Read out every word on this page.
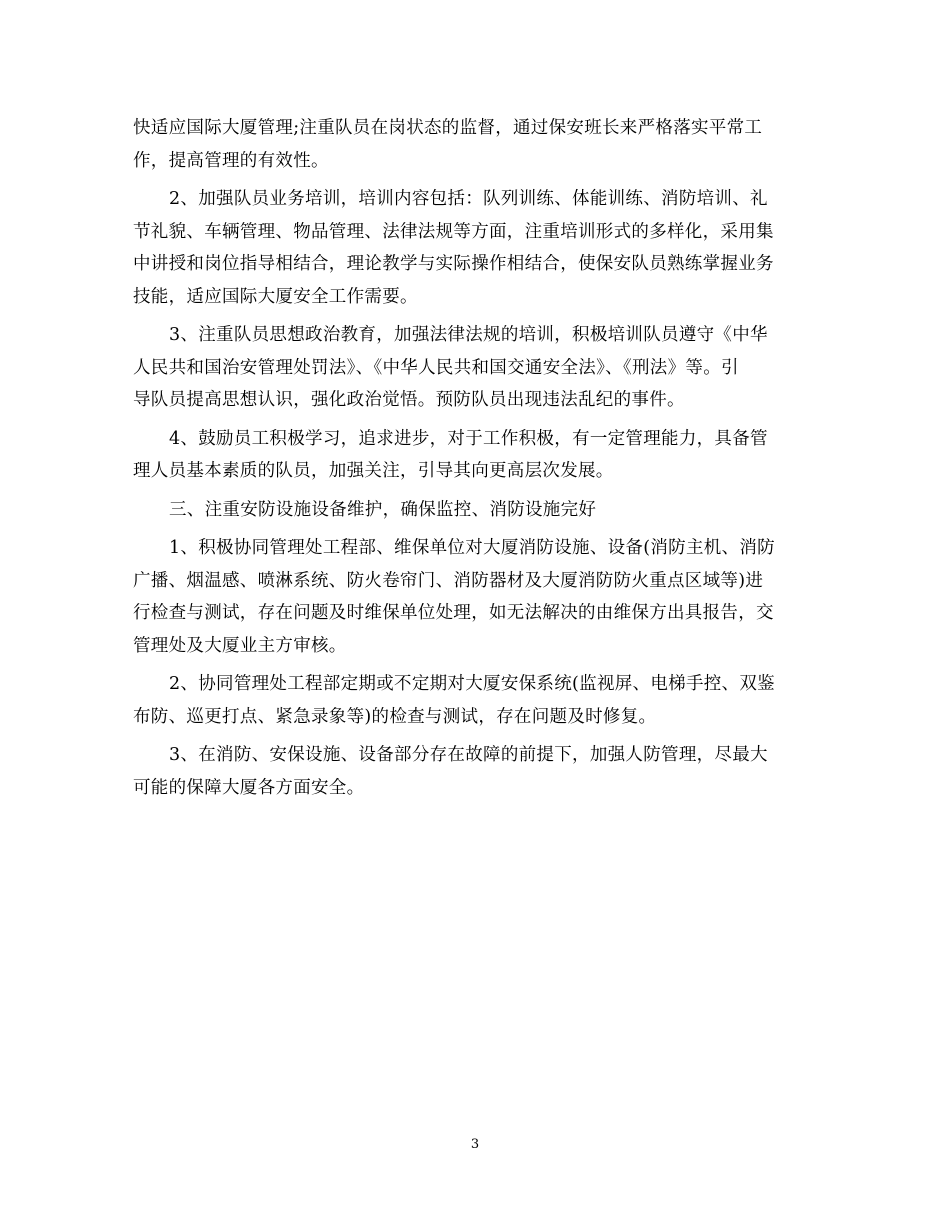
快适应国际大厦管理;注重队员在岗状态的监督，通过保安班长来严格落实平常工
作，提高管理的有效性。

2、加强队员业务培训，培训内容包括：队列训练、体能训练、消防培训、礼
节礼貌、车辆管理、物品管理、法律法规等方面，注重培训形式的多样化，采用集
中讲授和岗位指导相结合，理论教学与实际操作相结合，使保安队员熟练掌握业务
技能，适应国际大厦安全工作需要。

3、注重队员思想政治教育，加强法律法规的培训，积极培训队员遵守《中华
人民共和国治安管理处罚法》、《中华人民共和国交通安全法》、《刑法》等。引
导队员提高思想认识，强化政治觉悟。预防队员出现违法乱纪的事件。

4、鼓励员工积极学习，追求进步，对于工作积极，有一定管理能力，具备管
理人员基本素质的队员，加强关注，引导其向更高层次发展。

三、注重安防设施设备维护，确保监控、消防设施完好

1、积极协同管理处工程部、维保单位对大厦消防设施、设备(消防主机、消防
广播、烟温感、喷淋系统、防火卷帘门、消防器材及大厦消防防火重点区域等)进
行检查与测试，存在问题及时维保单位处理，如无法解决的由维保方出具报告，交
管理处及大厦业主方审核。

2、协同管理处工程部定期或不定期对大厦安保系统(监视屏、电梯手控、双鉴
布防、巡更打点、紧急录象等)的检查与测试，存在问题及时修复。

3、在消防、安保设施、设备部分存在故障的前提下，加强人防管理，尽最大
可能的保障大厦各方面安全。

3
